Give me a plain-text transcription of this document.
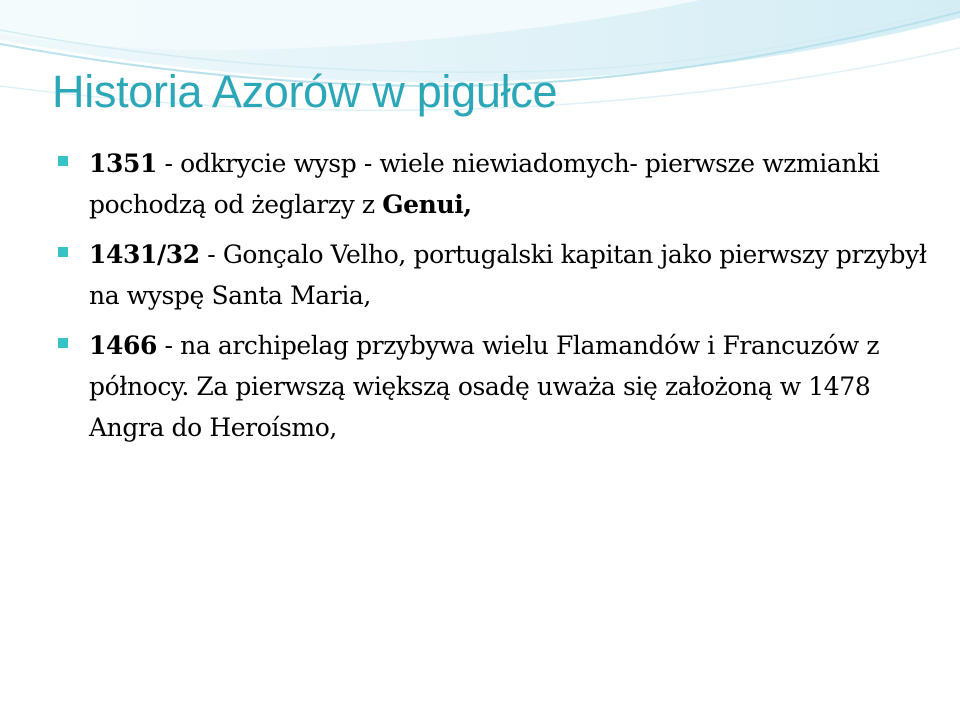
Historia Azorów w pigułce
1351 - odkrycie wysp - wiele niewiadomych- pierwsze wzmianki pochodzą od żeglarzy z Genui,
1431/32 - Gonçalo Velho, portugalski kapitan jako pierwszy przybył na wyspę Santa Maria,
1466 - na archipelag przybywa wielu Flamandów i Francuzów z północy. Za pierwszą większą osadę uważa się założoną w 1478 Angra do Heroísmo,
